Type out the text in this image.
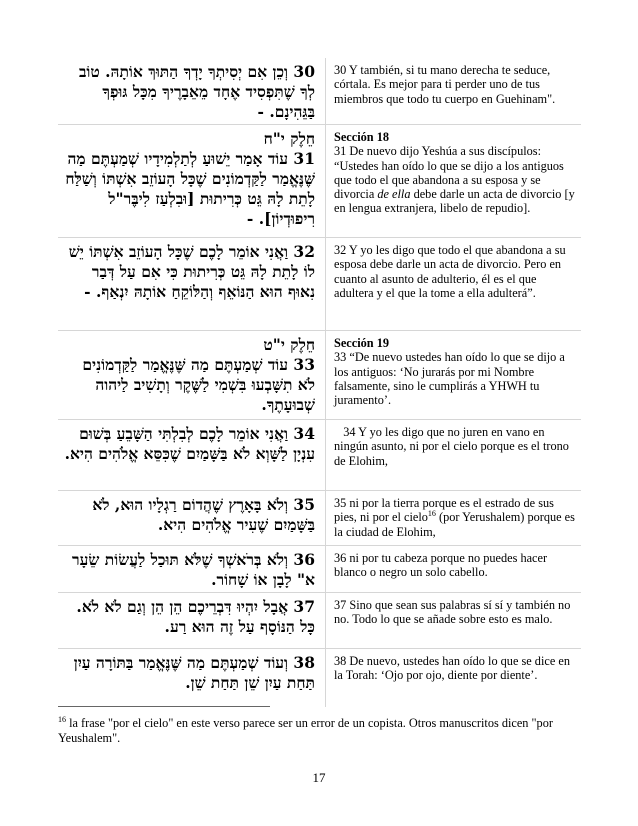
30 וְכֵן אִם יְסִיתְךָ יָדְךָ הַתּוּךְ אוֹתָהּ. טוֹב לְךָ שֶׁתִּפְסִיד אֶחָד מֵאֵבָרֶיךָ מִכָּל גּוּפְךָ בַּגֵּהִינָם. -
30 Y también, si tu mano derecha te seduce, córtala. Es mejor para ti perder uno de tus miembros que todo tu cuerpo en Guehinam".
חֵלֶק י"ח
31 עוֹד אָמַר יֵשׁוּעַ לְתַלְמִידָיו שְׁמַעְתֶּם מַה שֶּׁנֶּאֱמַר לַקַּדְמוֹנִים שֶׁכָּל הָעוֹזֵב אִשְׁתּוֹ וְשַׁלַּח לָתֵת לָהּ גֵּט כְּרִיתוּת [וּבִלְעַז לִיבֶּר"ל רִיפוּדְיוֹן]. -
Sección 18
31 De nuevo dijo Yeshúa a sus discípulos: “Ustedes han oído lo que se dijo a los antiguos que todo el que abandona a su esposa y se divorcia de ella debe darle un acta de divorcio [y en lengua extranjera, libelo de repudio].
32 וַאֲנִי אוֹמֵר לָכֶם שֶׁכָּל הָעוֹזֵב אִשְׁתּוֹ יֵשׁ לוֹ לָתֵת לָהּ גֵּט כְּרִיתוּת כִּי אִם עַל דְּבַר נִאוּף הוּא הַנּוֹאֵף וְהַלּוֹקֵחַ אוֹתָהּ יִנְאַף. -
32 Y yo les digo que todo el que abandona a su esposa debe darle un acta de divorcio. Pero en cuanto al asunto de adulterio, él es el que adultera y el que la tome a ella adulterá”.
חֵלֶק י"ט
33 עוֹד שְׁמַעְתֶּם מַה שֶּׁנֶּאֱמַר לַקַּדְמוֹנִים לֹא תִשָּׁבְעוּ בִּשְׁמִי לַשֶּׁקֶר וְתָשִׁיב לַיהוה שְׁבוּעָתֶךָ.
Sección 19
33 “De nuevo ustedes han oído lo que se dijo a los antiguos: ‘No jurarás por mi Nombre falsamente, sino le cumplirás a YHWH tu juramento’.
34 וַאֲנִי אוֹמֵר לָכֶם לְבִלְתִּי הַשָּׁבֵעַ בְּשׁוּם עִנְיָן לַשָּׁוְא לֹא בַּשָּׁמַיִם שֶׁכִּסֵּא אֱלֹהִים הִיא.
34 Y yo les digo que no juren en vano en ningún asunto, ni por el cielo porque es el trono de Elohim,
35 וְלֹא בָּאָרֶץ שֶׁהֲדוֹם רַגְלָיו הוּא, לֹא בַּשָּׁמַיִם שֶׁעִיר אֱלֹהִים הִיא.
35 ni por la tierra porque es el estrado de sus pies, ni por el cielo$^{16}$ (por Yerushalem) porque es la ciudad de Elohim,
36 וְלֹא בְּרֹאשְׁךָ שֶׁלֹּא תּוּכַל לַעֲשׂוֹת שֵׂעָר א" לָבָן אוֹ שָׁחוֹר.
36 ni por tu cabeza porque no puedes hacer blanco o negro un solo cabello.
37 אֲבָל יִהְיוּ דִּבְרֵיכֶם הֵן הֵן וְגַם לֹא לֹא. כָּל הַנּוֹסָף עַל זֶה הוּא רַע.
37 Sino que sean sus palabras sí sí y también no no. Todo lo que se añade sobre esto es malo.
38 וְעוֹד שְׁמַעְתֶּם מַה שֶּׁנֶּאֱמַר בַּתּוֹרָה עַיִן תַּחַת עַיִן שֵׁן תַּחַת שֵׁן.
38 De nuevo, ustedes han oído lo que se dice en la Torah: ‘Ojo por ojo, diente por diente’.
$^{16}$ la frase "por el cielo" en este verso parece ser un error de un copista. Otros manuscritos dicen "por Yeushalem".
17
